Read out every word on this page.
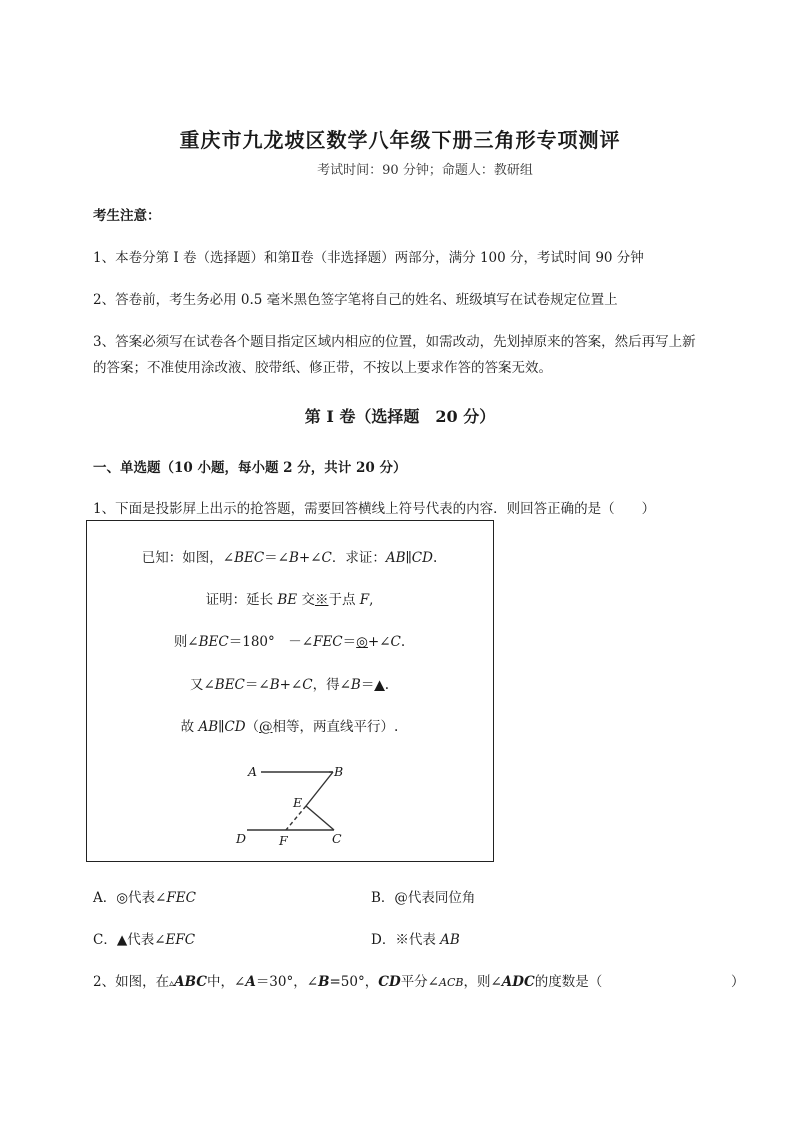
重庆市九龙坡区数学八年级下册三角形专项测评
考试时间：90 分钟；命题人：教研组
考生注意：
1、本卷分第 I 卷（选择题）和第Ⅱ卷（非选择题）两部分，满分 100 分，考试时间 90 分钟
2、答卷前，考生务必用 0.5 毫米黑色签字笔将自己的姓名、班级填写在试卷规定位置上
3、答案必须写在试卷各个题目指定区域内相应的位置，如需改动，先划掉原来的答案，然后再写上新
的答案；不准使用涂改液、胶带纸、修正带，不按以上要求作答的答案无效。
第 I 卷（选择题　20 分）
一、单选题（10 小题，每小题 2 分，共计 20 分）
1、下面是投影屏上出示的抢答题，需要回答横线上符号代表的内容．则回答正确的是（　　）
已知：如图，∠BEC＝∠B+∠C．求证：AB∥CD.
证明：延长 BE 交※于点 F,
则∠BEC＝180°　－∠FEC＝◎+∠C.
又∠BEC＝∠B+∠C，得∠B＝▲.
故 AB∥CD（@相等，两直线平行）.
A	B
E
D	F	C
A．◎代表∠FEC	B．@代表同位角
C．▲代表∠EFC	D．※代表 AB
2、如图，在▵ABC中，∠A＝30°，∠B=50°，CD平分∠ACB，则∠ADC的度数是（	）
